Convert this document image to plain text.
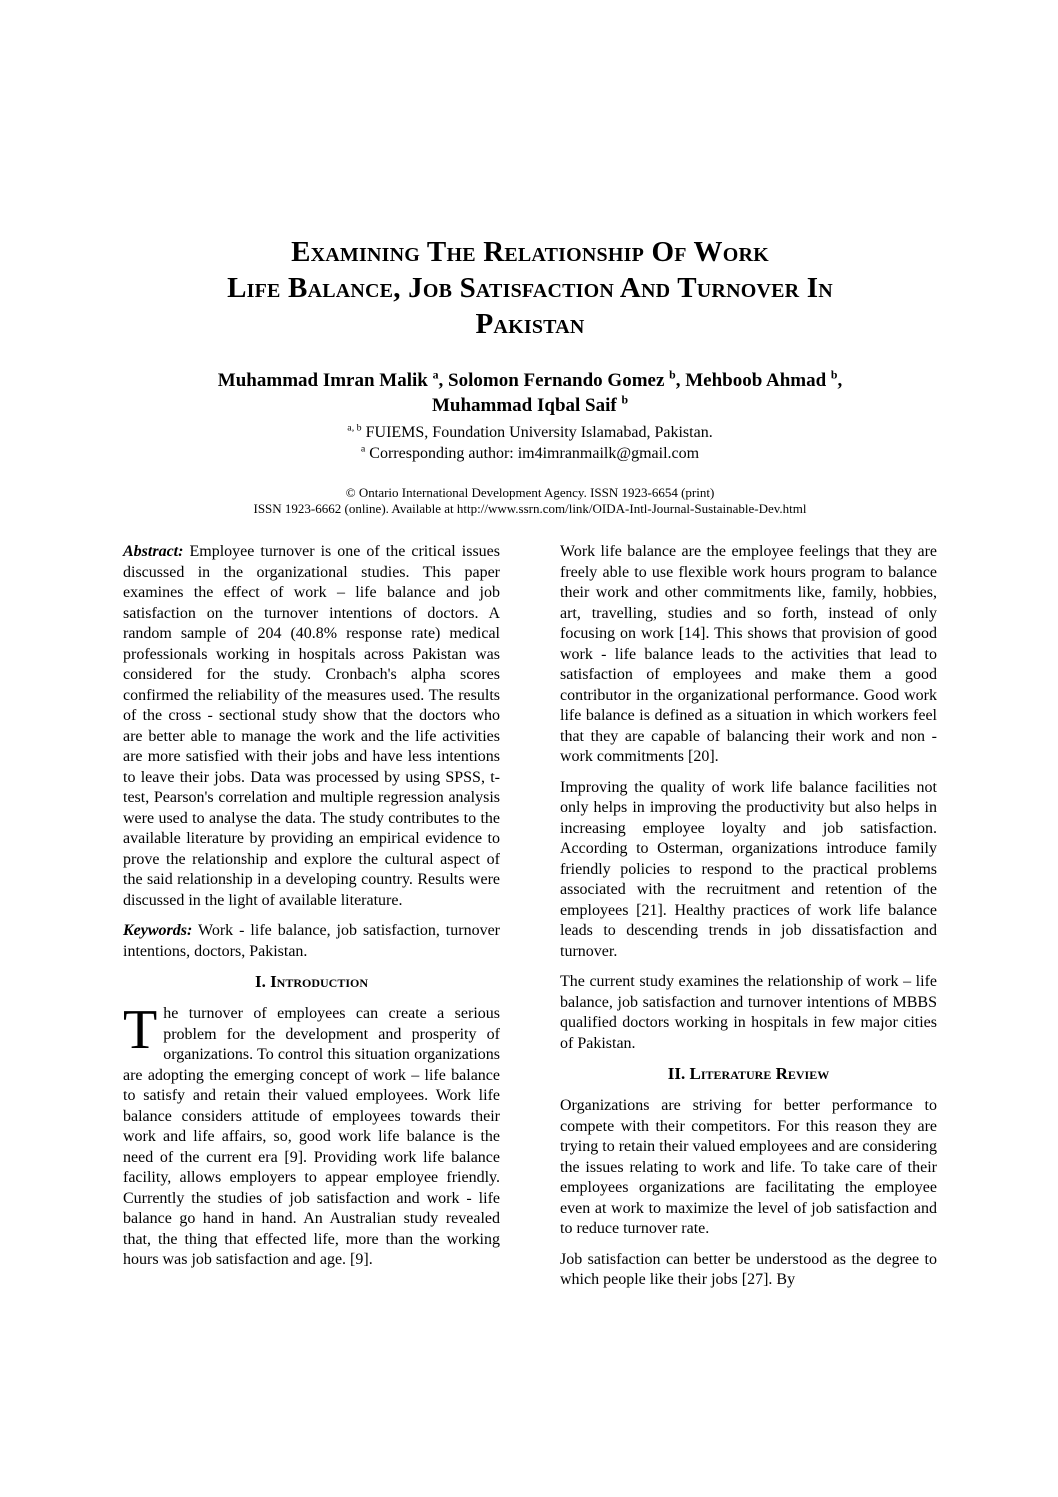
Examining The Relationship Of Work
Life Balance, Job Satisfaction And Turnover In
Pakistan
Muhammad Imran Malik $^a$, Solomon Fernando Gomez $^b$, Mehboob Ahmad $^b$,
Muhammad Iqbal Saif $^b$
$^{a, b}$ FUIEMS, Foundation University Islamabad, Pakistan.
$^a$ Corresponding author: im4imranmailk@gmail.com
© Ontario International Development Agency. ISSN 1923-6654 (print)
ISSN 1923-6662 (online). Available at http://www.ssrn.com/link/OIDA-Intl-Journal-Sustainable-Dev.html

Abstract: Employee turnover is one of the critical issues discussed in the organizational studies. This paper examines the effect of work – life balance and job satisfaction on the turnover intentions of doctors. A random sample of 204 (40.8% response rate) medical professionals working in hospitals across Pakistan was considered for the study. Cronbach's alpha scores confirmed the reliability of the measures used. The results of the cross - sectional study show that the doctors who are better able to manage the work and the life activities are more satisfied with their jobs and have less intentions to leave their jobs. Data was processed by using SPSS, t- test, Pearson's correlation and multiple regression analysis were used to analyse the data. The study contributes to the available literature by providing an empirical evidence to prove the relationship and explore the cultural aspect of the said relationship in a developing country. Results were discussed in the light of available literature.

Keywords: Work - life balance, job satisfaction, turnover intentions, doctors, Pakistan.

I. Introduction

The turnover of employees can create a serious problem for the development and prosperity of organizations. To control this situation organizations are adopting the emerging concept of work – life balance to satisfy and retain their valued employees. Work life balance considers attitude of employees towards their work and life affairs, so, good work life balance is the need of the current era [9]. Providing work life balance facility, allows employers to appear employee friendly. Currently the studies of job satisfaction and work - life balance go hand in hand. An Australian study revealed that, the thing that effected life, more than the working hours was job satisfaction and age. [9].

Work life balance are the employee feelings that they are freely able to use flexible work hours program to balance their work and other commitments like, family, hobbies, art, travelling, studies and so forth, instead of only focusing on work [14]. This shows that provision of good work - life balance leads to the activities that lead to satisfaction of employees and make them a good contributor in the organizational performance. Good work life balance is defined as a situation in which workers feel that they are capable of balancing their work and non - work commitments [20].

Improving the quality of work life balance facilities not only helps in improving the productivity but also helps in increasing employee loyalty and job satisfaction. According to Osterman, organizations introduce family friendly policies to respond to the practical problems associated with the recruitment and retention of the employees [21]. Healthy practices of work life balance leads to descending trends in job dissatisfaction and turnover.

The current study examines the relationship of work – life balance, job satisfaction and turnover intentions of MBBS qualified doctors working in hospitals in few major cities of Pakistan.

II. Literature Review

Organizations are striving for better performance to compete with their competitors. For this reason they are trying to retain their valued employees and are considering the issues relating to work and life. To take care of their employees organizations are facilitating the employee even at work to maximize the level of job satisfaction and to reduce turnover rate.

Job satisfaction can better be understood as the degree to which people like their jobs [27]. By
